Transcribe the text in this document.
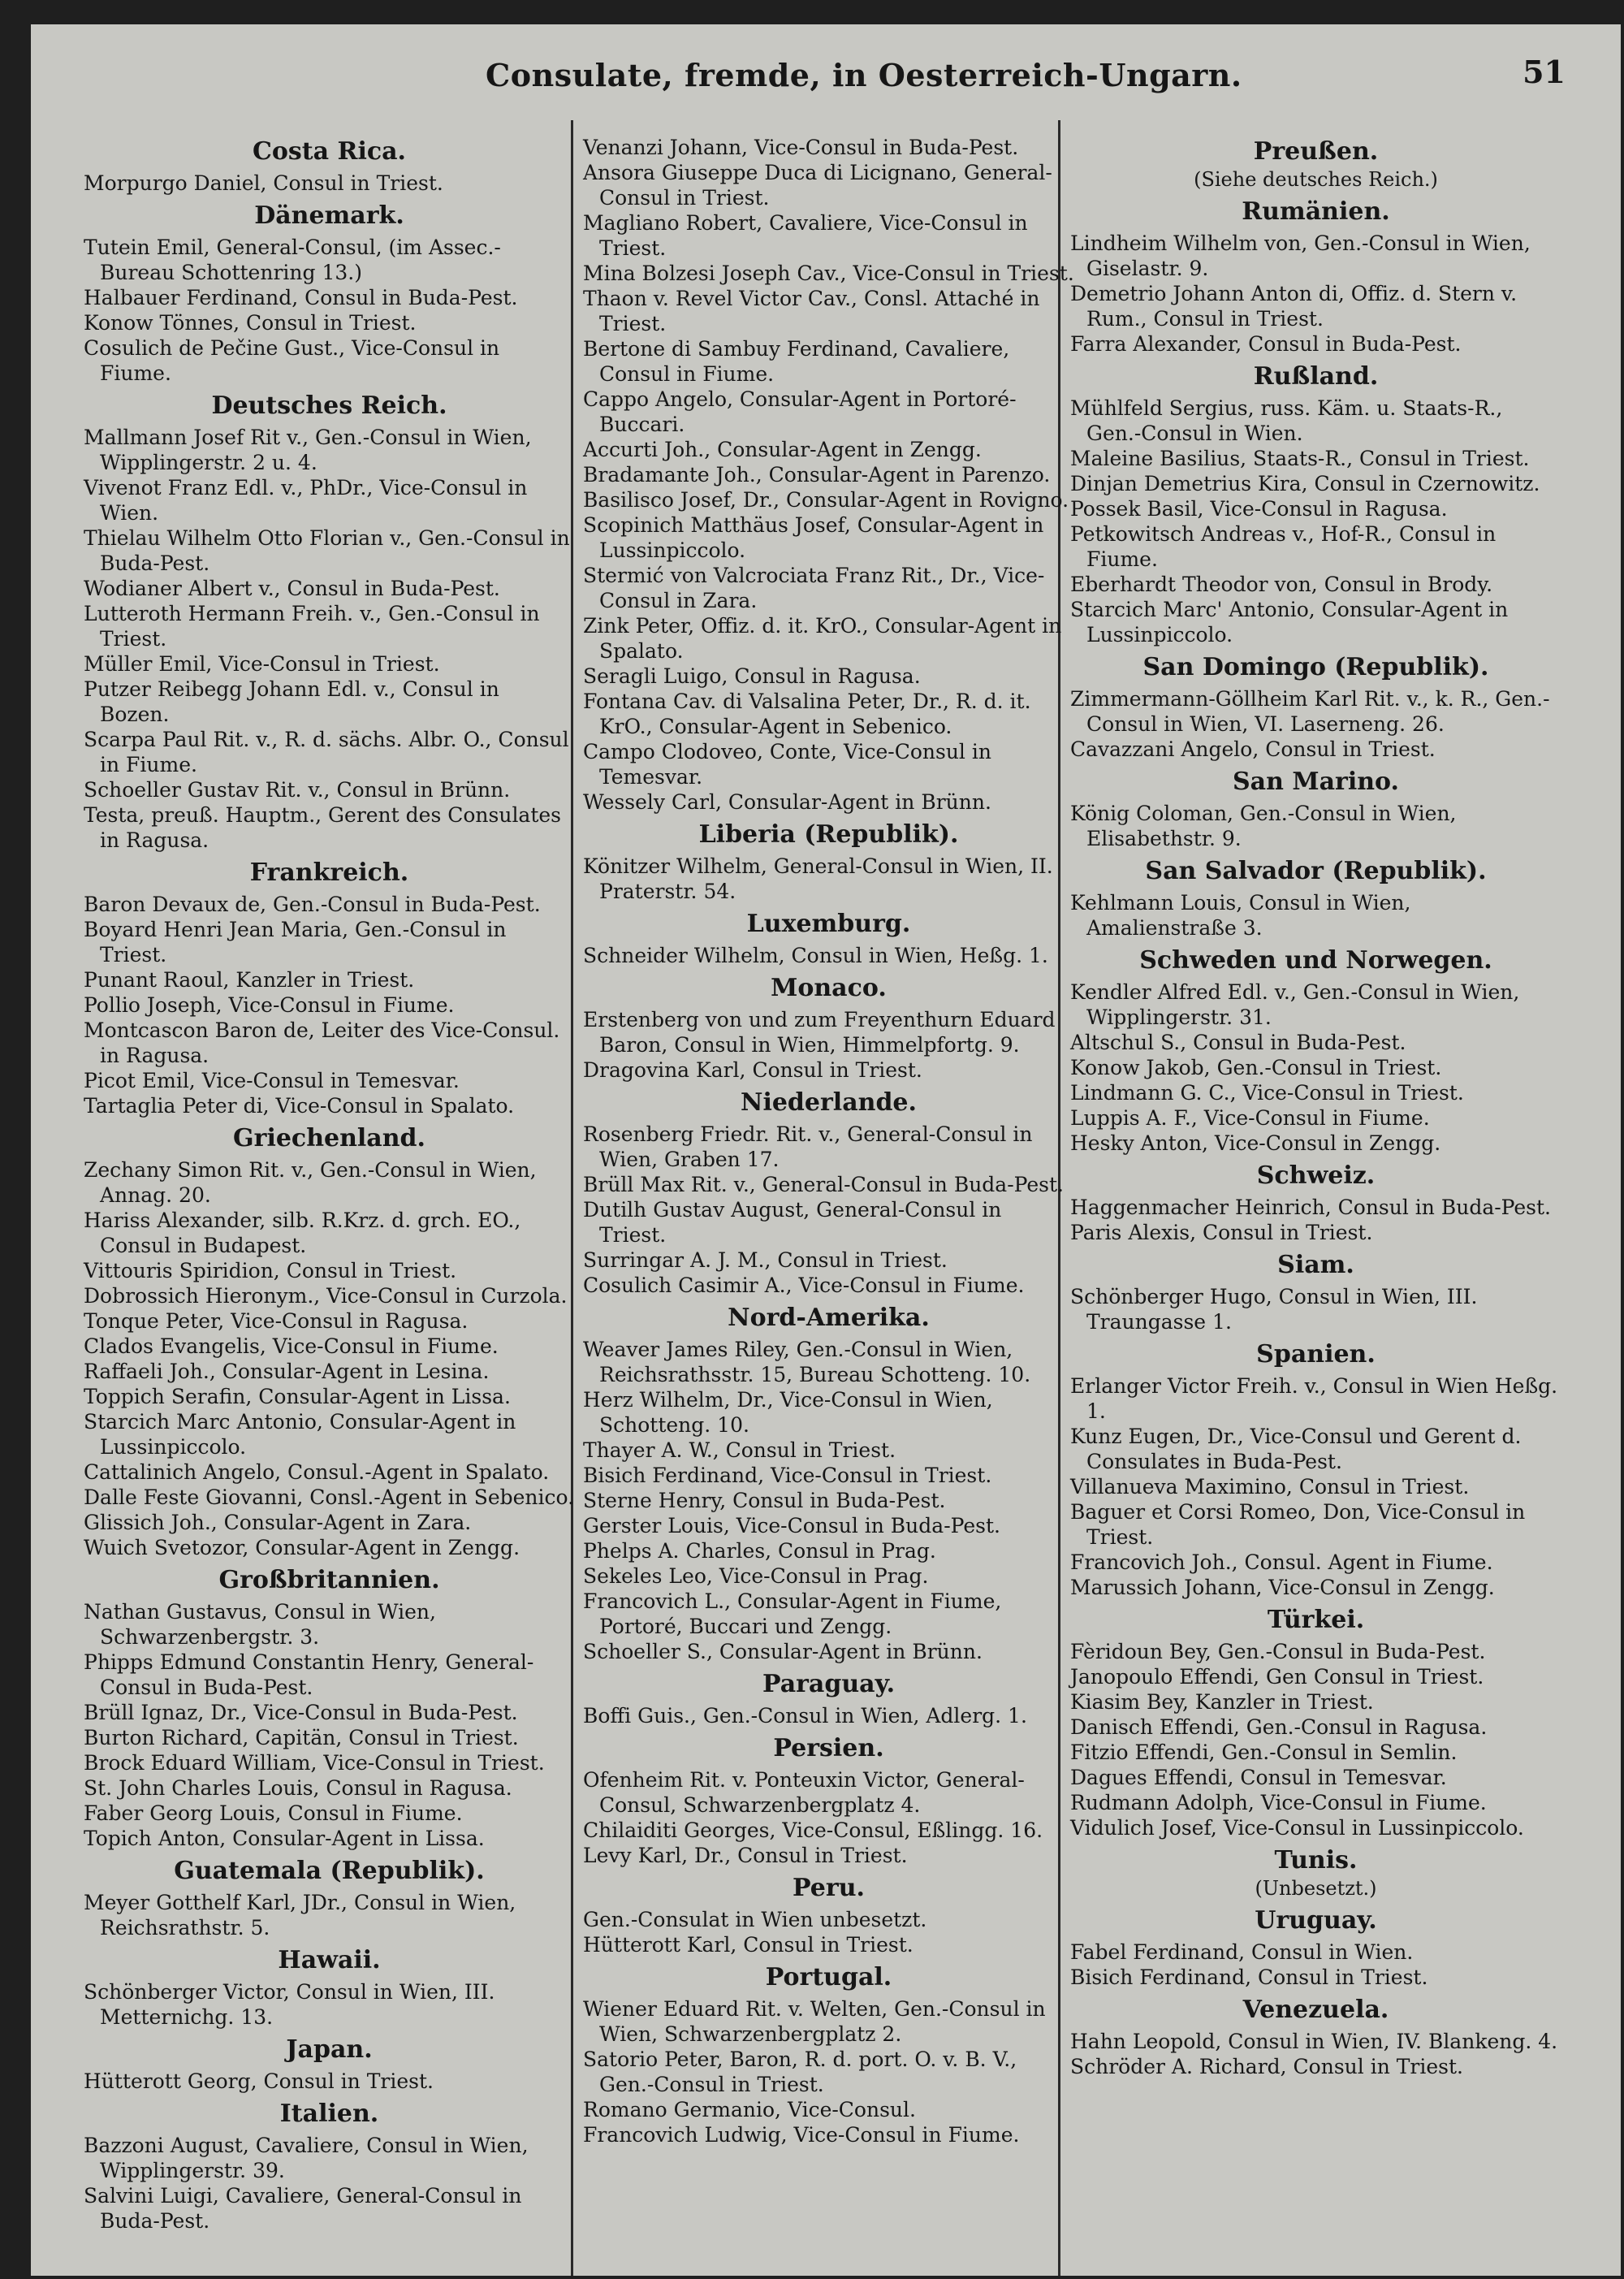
Consulate, fremde, in Oesterreich-Ungarn.	51
Costa Rica.
Morpurgo Daniel, Consul in Triest.
Dänemark.
Tutein Emil, General-Consul, (im Assec.-Bureau Schottenring 13.)
Halbauer Ferdinand, Consul in Buda-Pest.
Konow Tönnes, Consul in Triest.
Cosulich de Pečine Gust., Vice-Consul in Fiume.
Deutsches Reich.
Mallmann Josef Rit v., Gen.-Consul in Wien, Wipplingerstr. 2 u. 4.
Vivenot Franz Edl. v., PhDr., Vice-Consul in Wien.
Thielau Wilhelm Otto Florian v., Gen.-Consul in Buda-Pest.
Wodianer Albert v., Consul in Buda-Pest.
Lutteroth Hermann Freih. v., Gen.-Consul in Triest.
Müller Emil, Vice-Consul in Triest.
Putzer Reibegg Johann Edl. v., Consul in Bozen.
Scarpa Paul Rit. v., R. d. sächs. Albr. O., Consul in Fiume.
Schoeller Gustav Rit. v., Consul in Brünn.
Testa, preuß. Hauptm., Gerent des Consulates in Ragusa.
Frankreich.
Baron Devaux de, Gen.-Consul in Buda-Pest.
Boyard Henri Jean Maria, Gen.-Consul in Triest.
Punant Raoul, Kanzler in Triest.
Pollio Joseph, Vice-Consul in Fiume.
Montcascon Baron de, Leiter des Vice-Consul. in Ragusa.
Picot Emil, Vice-Consul in Temesvar.
Tartaglia Peter di, Vice-Consul in Spalato.
Griechenland.
Zechany Simon Rit. v., Gen.-Consul in Wien, Annag. 20.
Hariss Alexander, silb. R.Krz. d. grch. EO., Consul in Budapest.
Vittouris Spiridion, Consul in Triest.
Dobrossich Hieronym., Vice-Consul in Curzola.
Tonque Peter, Vice-Consul in Ragusa.
Clados Evangelis, Vice-Consul in Fiume.
Raffaeli Joh., Consular-Agent in Lesina.
Toppich Serafin, Consular-Agent in Lissa.
Starcich Marc Antonio, Consular-Agent in Lussinpiccolo.
Cattalinich Angelo, Consul.-Agent in Spalato.
Dalle Feste Giovanni, Consl.-Agent in Sebenico.
Glissich Joh., Consular-Agent in Zara.
Wuich Svetozor, Consular-Agent in Zengg.
Großbritannien.
Nathan Gustavus, Consul in Wien, Schwarzenbergstr. 3.
Phipps Edmund Constantin Henry, General-Consul in Buda-Pest.
Brüll Ignaz, Dr., Vice-Consul in Buda-Pest.
Burton Richard, Capitän, Consul in Triest.
Brock Eduard William, Vice-Consul in Triest.
St. John Charles Louis, Consul in Ragusa.
Faber Georg Louis, Consul in Fiume.
Topich Anton, Consular-Agent in Lissa.
Guatemala (Republik).
Meyer Gotthelf Karl, JDr., Consul in Wien, Reichsrathstr. 5.
Hawaii.
Schönberger Victor, Consul in Wien, III. Metternichg. 13.
Japan.
Hütterott Georg, Consul in Triest.
Italien.
Bazzoni August, Cavaliere, Consul in Wien, Wipplingerstr. 39.
Salvini Luigi, Cavaliere, General-Consul in Buda-Pest.
Venanzi Johann, Vice-Consul in Buda-Pest.
Ansora Giuseppe Duca di Licignano, General-Consul in Triest.
Magliano Robert, Cavaliere, Vice-Consul in Triest.
Mina Bolzesi Joseph Cav., Vice-Consul in Triest.
Thaon v. Revel Victor Cav., Consl. Attaché in Triest.
Bertone di Sambuy Ferdinand, Cavaliere, Consul in Fiume.
Cappo Angelo, Consular-Agent in Portoré-Buccari.
Accurti Joh., Consular-Agent in Zengg.
Bradamante Joh., Consular-Agent in Parenzo.
Basilisco Josef, Dr., Consular-Agent in Rovigno.
Scopinich Matthäus Josef, Consular-Agent in Lussinpiccolo.
Stermić von Valcrociata Franz Rit., Dr., Vice-Consul in Zara.
Zink Peter, Offiz. d. it. KrO., Consular-Agent in Spalato.
Seragli Luigo, Consul in Ragusa.
Fontana Cav. di Valsalina Peter, Dr., R. d. it. KrO., Consular-Agent in Sebenico.
Campo Clodoveo, Conte, Vice-Consul in Temesvar.
Wessely Carl, Consular-Agent in Brünn.
Liberia (Republik).
Könitzer Wilhelm, General-Consul in Wien, II. Praterstr. 54.
Luxemburg.
Schneider Wilhelm, Consul in Wien, Heßg. 1.
Monaco.
Erstenberg von und zum Freyenthurn Eduard Baron, Consul in Wien, Himmelpfortg. 9.
Dragovina Karl, Consul in Triest.
Niederlande.
Rosenberg Friedr. Rit. v., General-Consul in Wien, Graben 17.
Brüll Max Rit. v., General-Consul in Buda-Pest.
Dutilh Gustav August, General-Consul in Triest.
Surringar A. J. M., Consul in Triest.
Cosulich Casimir A., Vice-Consul in Fiume.
Nord-Amerika.
Weaver James Riley, Gen.-Consul in Wien, Reichsrathsstr. 15, Bureau Schotteng. 10.
Herz Wilhelm, Dr., Vice-Consul in Wien, Schotteng. 10.
Thayer A. W., Consul in Triest.
Bisich Ferdinand, Vice-Consul in Triest.
Sterne Henry, Consul in Buda-Pest.
Gerster Louis, Vice-Consul in Buda-Pest.
Phelps A. Charles, Consul in Prag.
Sekeles Leo, Vice-Consul in Prag.
Francovich L., Consular-Agent in Fiume, Portoré, Buccari und Zengg.
Schoeller S., Consular-Agent in Brünn.
Paraguay.
Boffi Guis., Gen.-Consul in Wien, Adlerg. 1.
Persien.
Ofenheim Rit. v. Ponteuxin Victor, General-Consul, Schwarzenbergplatz 4.
Chilaiditi Georges, Vice-Consul, Eßlingg. 16.
Levy Karl, Dr., Consul in Triest.
Peru.
Gen.-Consulat in Wien unbesetzt.
Hütterott Karl, Consul in Triest.
Portugal.
Wiener Eduard Rit. v. Welten, Gen.-Consul in Wien, Schwarzenbergplatz 2.
Satorio Peter, Baron, R. d. port. O. v. B. V., Gen.-Consul in Triest.
Romano Germanio, Vice-Consul.
Francovich Ludwig, Vice-Consul in Fiume.
Preußen.
(Siehe deutsches Reich.)
Rumänien.
Lindheim Wilhelm von, Gen.-Consul in Wien, Giselastr. 9.
Demetrio Johann Anton di, Offiz. d. Stern v. Rum., Consul in Triest.
Farra Alexander, Consul in Buda-Pest.
Rußland.
Mühlfeld Sergius, russ. Käm. u. Staats-R., Gen.-Consul in Wien.
Maleine Basilius, Staats-R., Consul in Triest.
Dinjan Demetrius Kira, Consul in Czernowitz.
Possek Basil, Vice-Consul in Ragusa.
Petkowitsch Andreas v., Hof-R., Consul in Fiume.
Eberhardt Theodor von, Consul in Brody.
Starcich Marc' Antonio, Consular-Agent in Lussinpiccolo.
San Domingo (Republik).
Zimmermann-Göllheim Karl Rit. v., k. R., Gen.-Consul in Wien, VI. Laserneng. 26.
Cavazzani Angelo, Consul in Triest.
San Marino.
König Coloman, Gen.-Consul in Wien, Elisabethstr. 9.
San Salvador (Republik).
Kehlmann Louis, Consul in Wien, Amalienstraße 3.
Schweden und Norwegen.
Kendler Alfred Edl. v., Gen.-Consul in Wien, Wipplingerstr. 31.
Altschul S., Consul in Buda-Pest.
Konow Jakob, Gen.-Consul in Triest.
Lindmann G. C., Vice-Consul in Triest.
Luppis A. F., Vice-Consul in Fiume.
Hesky Anton, Vice-Consul in Zengg.
Schweiz.
Haggenmacher Heinrich, Consul in Buda-Pest.
Paris Alexis, Consul in Triest.
Siam.
Schönberger Hugo, Consul in Wien, III. Traungasse 1.
Spanien.
Erlanger Victor Freih. v., Consul in Wien Heßg. 1.
Kunz Eugen, Dr., Vice-Consul und Gerent d. Consulates in Buda-Pest.
Villanueva Maximino, Consul in Triest.
Baguer et Corsi Romeo, Don, Vice-Consul in Triest.
Francovich Joh., Consul. Agent in Fiume.
Marussich Johann, Vice-Consul in Zengg.
Türkei.
Fèridoun Bey, Gen.-Consul in Buda-Pest.
Janopoulo Effendi, Gen Consul in Triest.
Kiasim Bey, Kanzler in Triest.
Danisch Effendi, Gen.-Consul in Ragusa.
Fitzio Effendi, Gen.-Consul in Semlin.
Dagues Effendi, Consul in Temesvar.
Rudmann Adolph, Vice-Consul in Fiume.
Vidulich Josef, Vice-Consul in Lussinpiccolo.
Tunis.
(Unbesetzt.)
Uruguay.
Fabel Ferdinand, Consul in Wien.
Bisich Ferdinand, Consul in Triest.
Venezuela.
Hahn Leopold, Consul in Wien, IV. Blankeng. 4.
Schröder A. Richard, Consul in Triest.
